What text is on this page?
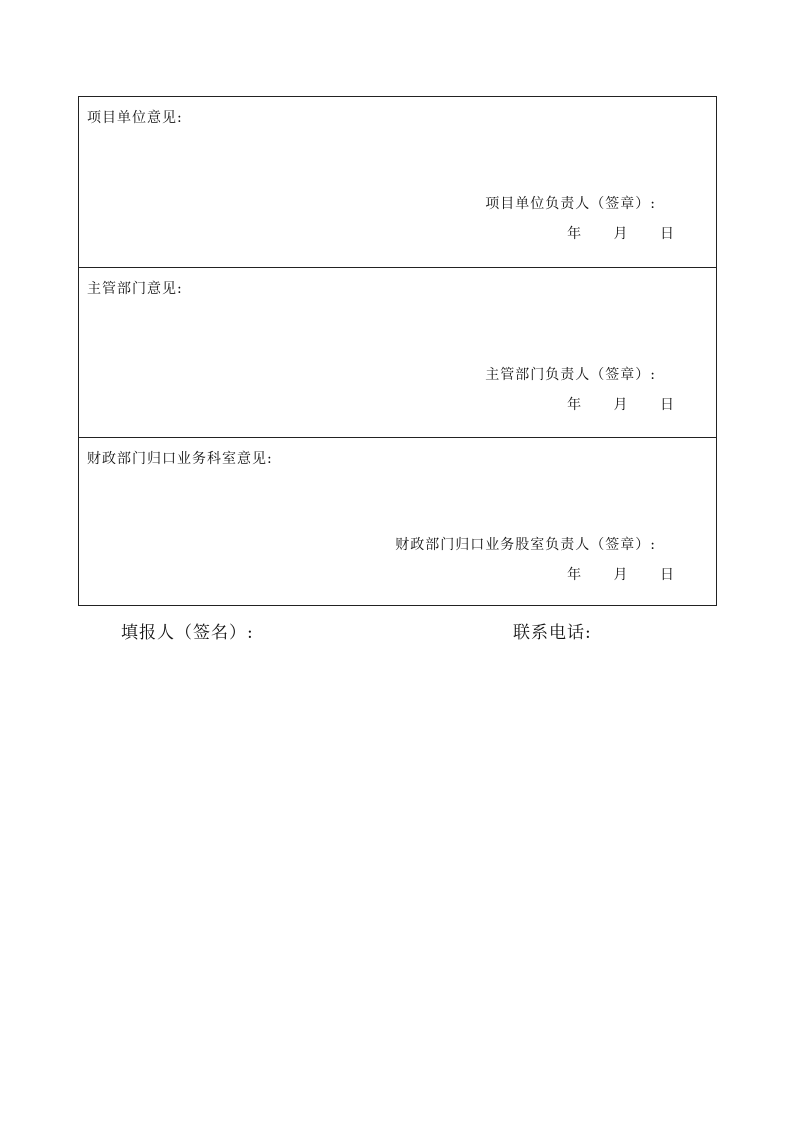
项目单位意见:
项目单位负责人（签章）:
年 月 日
主管部门意见:
主管部门负责人（签章）:
年 月 日
财政部门归口业务科室意见:
财政部门归口业务股室负责人（签章）:
年 月 日
填报人（签名）:	联系电话:
